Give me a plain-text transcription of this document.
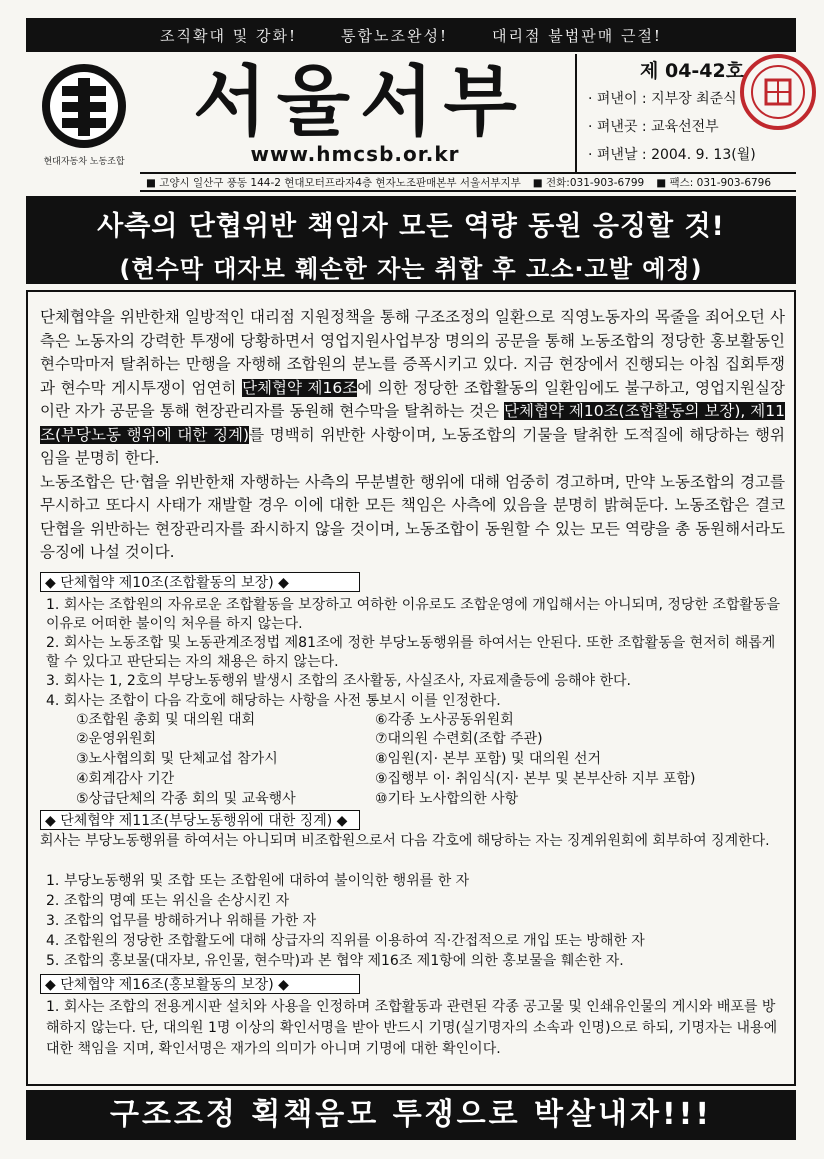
조직확대 및 강화!	통합노조완성!	대리점 불법판매 근절!
현대자동차 노동조합
서울서부
www.hmcsb.or.kr
제 04-42호
· 펴낸이 : 지부장 최준식
· 펴낸곳 : 교육선전부
· 펴낸날 : 2004. 9. 13(월)
■ 고양시 일산구 풍동 144-2 현대모터프라자4층 현자노조판매본부 서울서부지부 ■ 전화:031-903-6799 ■ 팩스: 031-903-6796
사측의 단협위반 책임자 모든 역량 동원 응징할 것!
(현수막 대자보 훼손한 자는 취합 후 고소·고발 예정)

단체협약을 위반한채 일방적인 대리점 지원정책을 통해 구조조정의 일환으로 직영노동자의 목줄을 죄어오던 사측은 노동자의 강력한 투쟁에 당황하면서 영업지원사업부장 명의의 공문을 통해 노동조합의 정당한 홍보활동인 현수막마저 탈취하는 만행을 자행해 조합원의 분노를 증폭시키고 있다. 지금 현장에서 진행되는 아침 집회투쟁과 현수막 게시투쟁이 엄연히 단체협약 제16조에 의한 정당한 조합활동의 일환임에도 불구하고, 영업지원실장이란 자가 공문을 통해 현장관리자를 동원해 현수막을 탈취하는 것은 단체협약 제10조(조합활동의 보장), 제11조(부당노동 행위에 대한 징계)를 명백히 위반한 사항이며, 노동조합의 기물을 탈취한 도적질에 해당하는 행위임을 분명히 한다.

노동조합은 단·협을 위반한채 자행하는 사측의 무분별한 행위에 대해 엄중히 경고하며, 만약 노동조합의 경고를 무시하고 또다시 사태가 재발할 경우 이에 대한 모든 책임은 사측에 있음을 분명히 밝혀둔다. 노동조합은 결코 단협을 위반하는 현장관리자를 좌시하지 않을 것이며, 노동조합이 동원할 수 있는 모든 역량을 총 동원해서라도 응징에 나설 것이다.

◆ 단체협약 제10조(조합활동의 보장) ◆
1. 회사는 조합원의 자유로운 조합활동을 보장하고 여하한 이유로도 조합운영에 개입해서는 아니되며, 정당한 조합활동을 이유로 어떠한 불이익 처우를 하지 않는다.
2. 회사는 노동조합 및 노동관계조정법 제81조에 정한 부당노동행위를 하여서는 안된다. 또한 조합활동을 현저히 해롭게 할 수 있다고 판단되는 자의 채용은 하지 않는다.
3. 회사는 1, 2호의 부당노동행위 발생시 조합의 조사활동, 사실조사, 자료제출등에 응해야 한다.
4. 회사는 조합이 다음 각호에 해당하는 사항을 사전 통보시 이를 인정한다.
①조합원 총회 및 대의원 대회
②운영위원회
③노사협의회 및 단체교섭 참가시
④회계감사 기간
⑤상급단체의 각종 회의 및 교육행사
⑥각종 노사공동위원회
⑦대의원 수련회(조합 주관)
⑧임원(지· 본부 포함) 및 대의원 선거
⑨집행부 이· 취임식(지· 본부 및 본부산하 지부 포함)
⑩기타 노사합의한 사항
◆ 단체협약 제11조(부당노동행위에 대한 징계) ◆
회사는 부당노동행위를 하여서는 아니되며 비조합원으로서 다음 각호에 해당하는 자는 징계위원회에 회부하여 징계한다.
1. 부당노동행위 및 조합 또는 조합원에 대하여 불이익한 행위를 한 자
2. 조합의 명예 또는 위신을 손상시킨 자
3. 조합의 업무를 방해하거나 위해를 가한 자
4. 조합원의 정당한 조합활도에 대해 상급자의 직위를 이용하여 직·간접적으로 개입 또는 방해한 자
5. 조합의 홍보물(대자보, 유인물, 현수막)과 본 협약 제16조 제1항에 의한 홍보물을 훼손한 자.
◆ 단체협약 제16조(홍보활동의 보장) ◆
1. 회사는 조합의 전용게시판 설치와 사용을 인정하며 조합활동과 관련된 각종 공고물 및 인쇄유인물의 게시와 배포를 방해하지 않는다. 단, 대의원 1명 이상의 확인서명을 받아 반드시 기명(실기명자의 소속과 인명)으로 하되, 기명자는 내용에 대한 책임을 지며, 확인서명은 재가의 의미가 아니며 기명에 대한 확인이다.
구조조정 획책음모 투쟁으로 박살내자!!!
